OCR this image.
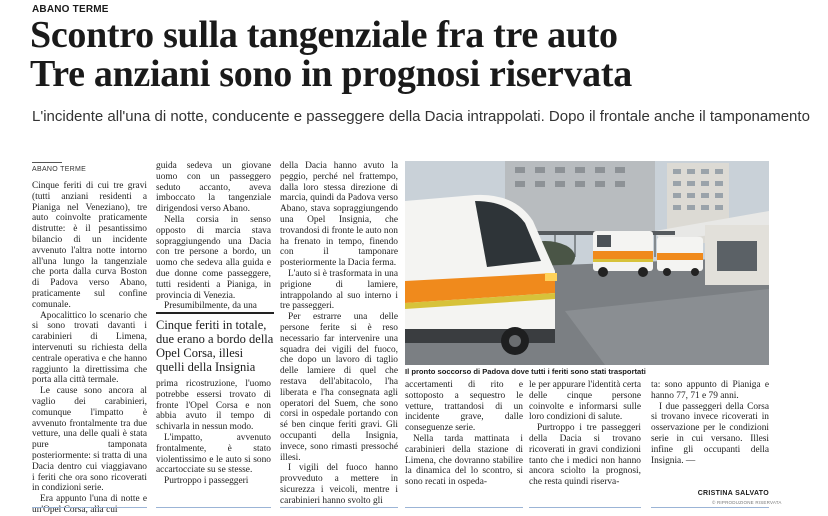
ABANO TERME
Scontro sulla tangenziale fra tre auto
Tre anziani sono in prognosi riservata
L'incidente all'una di notte, conducente e passeggere della Dacia intrappolati. Dopo il frontale anche il tamponamento
ABANO TERME

Cinque feriti di cui tre gravi (tutti anziani residenti a Pianiga nel Veneziano), tre auto coinvolte praticamente distrutte: è il pesantissimo bilancio di un incidente avvenuto l'altra notte intorno all'una lungo la tangenziale che porta dalla curva Boston di Padova verso Abano, praticamente sul confine comunale.

Apocalittico lo scenario che si sono trovati davanti i carabinieri di Limena, intervenuti su richiesta della centrale operativa e che hanno raggiunto la direttissima che porta alla città termale.

Le cause sono ancora al vaglio dei carabinieri, comunque l'impatto è avvenuto frontalmente tra due vetture, una delle quali è stata pure tamponata posteriormente: si tratta di una Dacia dentro cui viaggiavano i feriti che ora sono ricoverati in condizioni serie.

Era appunto l'una di notte e un'Opel Corsa, alla cui

guida sedeva un giovane uomo con un passeggero seduto accanto, aveva imboccato la tangenziale dirigendosi verso Abano.

Nella corsia in senso opposto di marcia stava sopraggiungendo una Dacia con tre persone a bordo, un uomo che sedeva alla guida e due donne come passeggere, tutti residenti a Pianiga, in provincia di Venezia.

Presumibilmente, da una

Cinque feriti in totale, due erano a bordo della Opel Corsa, illesi quelli della Insignia

prima ricostruzione, l'uomo potrebbe essersi trovato di fronte l'Opel Corsa e non abbia avuto il tempo di schivarla in nessun modo.

L'impatto, avvenuto frontalmente, è stato violentissimo e le auto si sono accartocciate su se stesse.

Purtroppo i passeggeri

della Dacia hanno avuto la peggio, perché nel frattempo, dalla loro stessa direzione di marcia, quindi da Padova verso Abano, stava sopraggiungendo una Opel Insignia, che trovandosi di fronte le auto non ha frenato in tempo, finendo con il tamponare posteriormente la Dacia ferma.

L'auto si è trasformata in una prigione di lamiere, intrappolando al suo interno i tre passeggeri.

Per estrarre una delle persone ferite si è reso necessario far intervenire una squadra dei vigili del fuoco, che dopo un lavoro di taglio delle lamiere di quel che restava dell'abitacolo, l'ha liberata e l'ha consegnata agli operatori del Suem, che sono corsi in ospedale portando con sé ben cinque feriti gravi. Gli occupanti della Insignia, invece, sono rimasti pressoché illesi.

I vigili del fuoco hanno provveduto a mettere in sicurezza i veicoli, mentre i carabinieri hanno svolto gli

Il pronto soccorso di Padova dove tutti i feriti sono stati trasportati

accertamenti di rito e sottoposto a sequestro le vetture, trattandosi di un incidente grave, dalle conseguenze serie.

Nella tarda mattinata i carabinieri della stazione di Limena, che dovranno stabilire la dinamica del lo scontro, si sono recati in ospeda-

le per appurare l'identità certa delle cinque persone coinvolte e informarsi sulle loro condizioni di salute.

Purtroppo i tre passeggeri della Dacia si trovano ricoverati in gravi condizioni tanto che i medici non hanno ancora sciolto la prognosi, che resta quindi riserva-

ta: sono appunto di Pianiga e hanno 77, 71 e 79 anni.

I due passeggeri della Corsa si trovano invece ricoverati in osservazione per le condizioni serie in cui versano. Illesi infine gli occupanti della Insignia. —

CRISTINA SALVATO
© RIPRODUZIONE RISERVATA
